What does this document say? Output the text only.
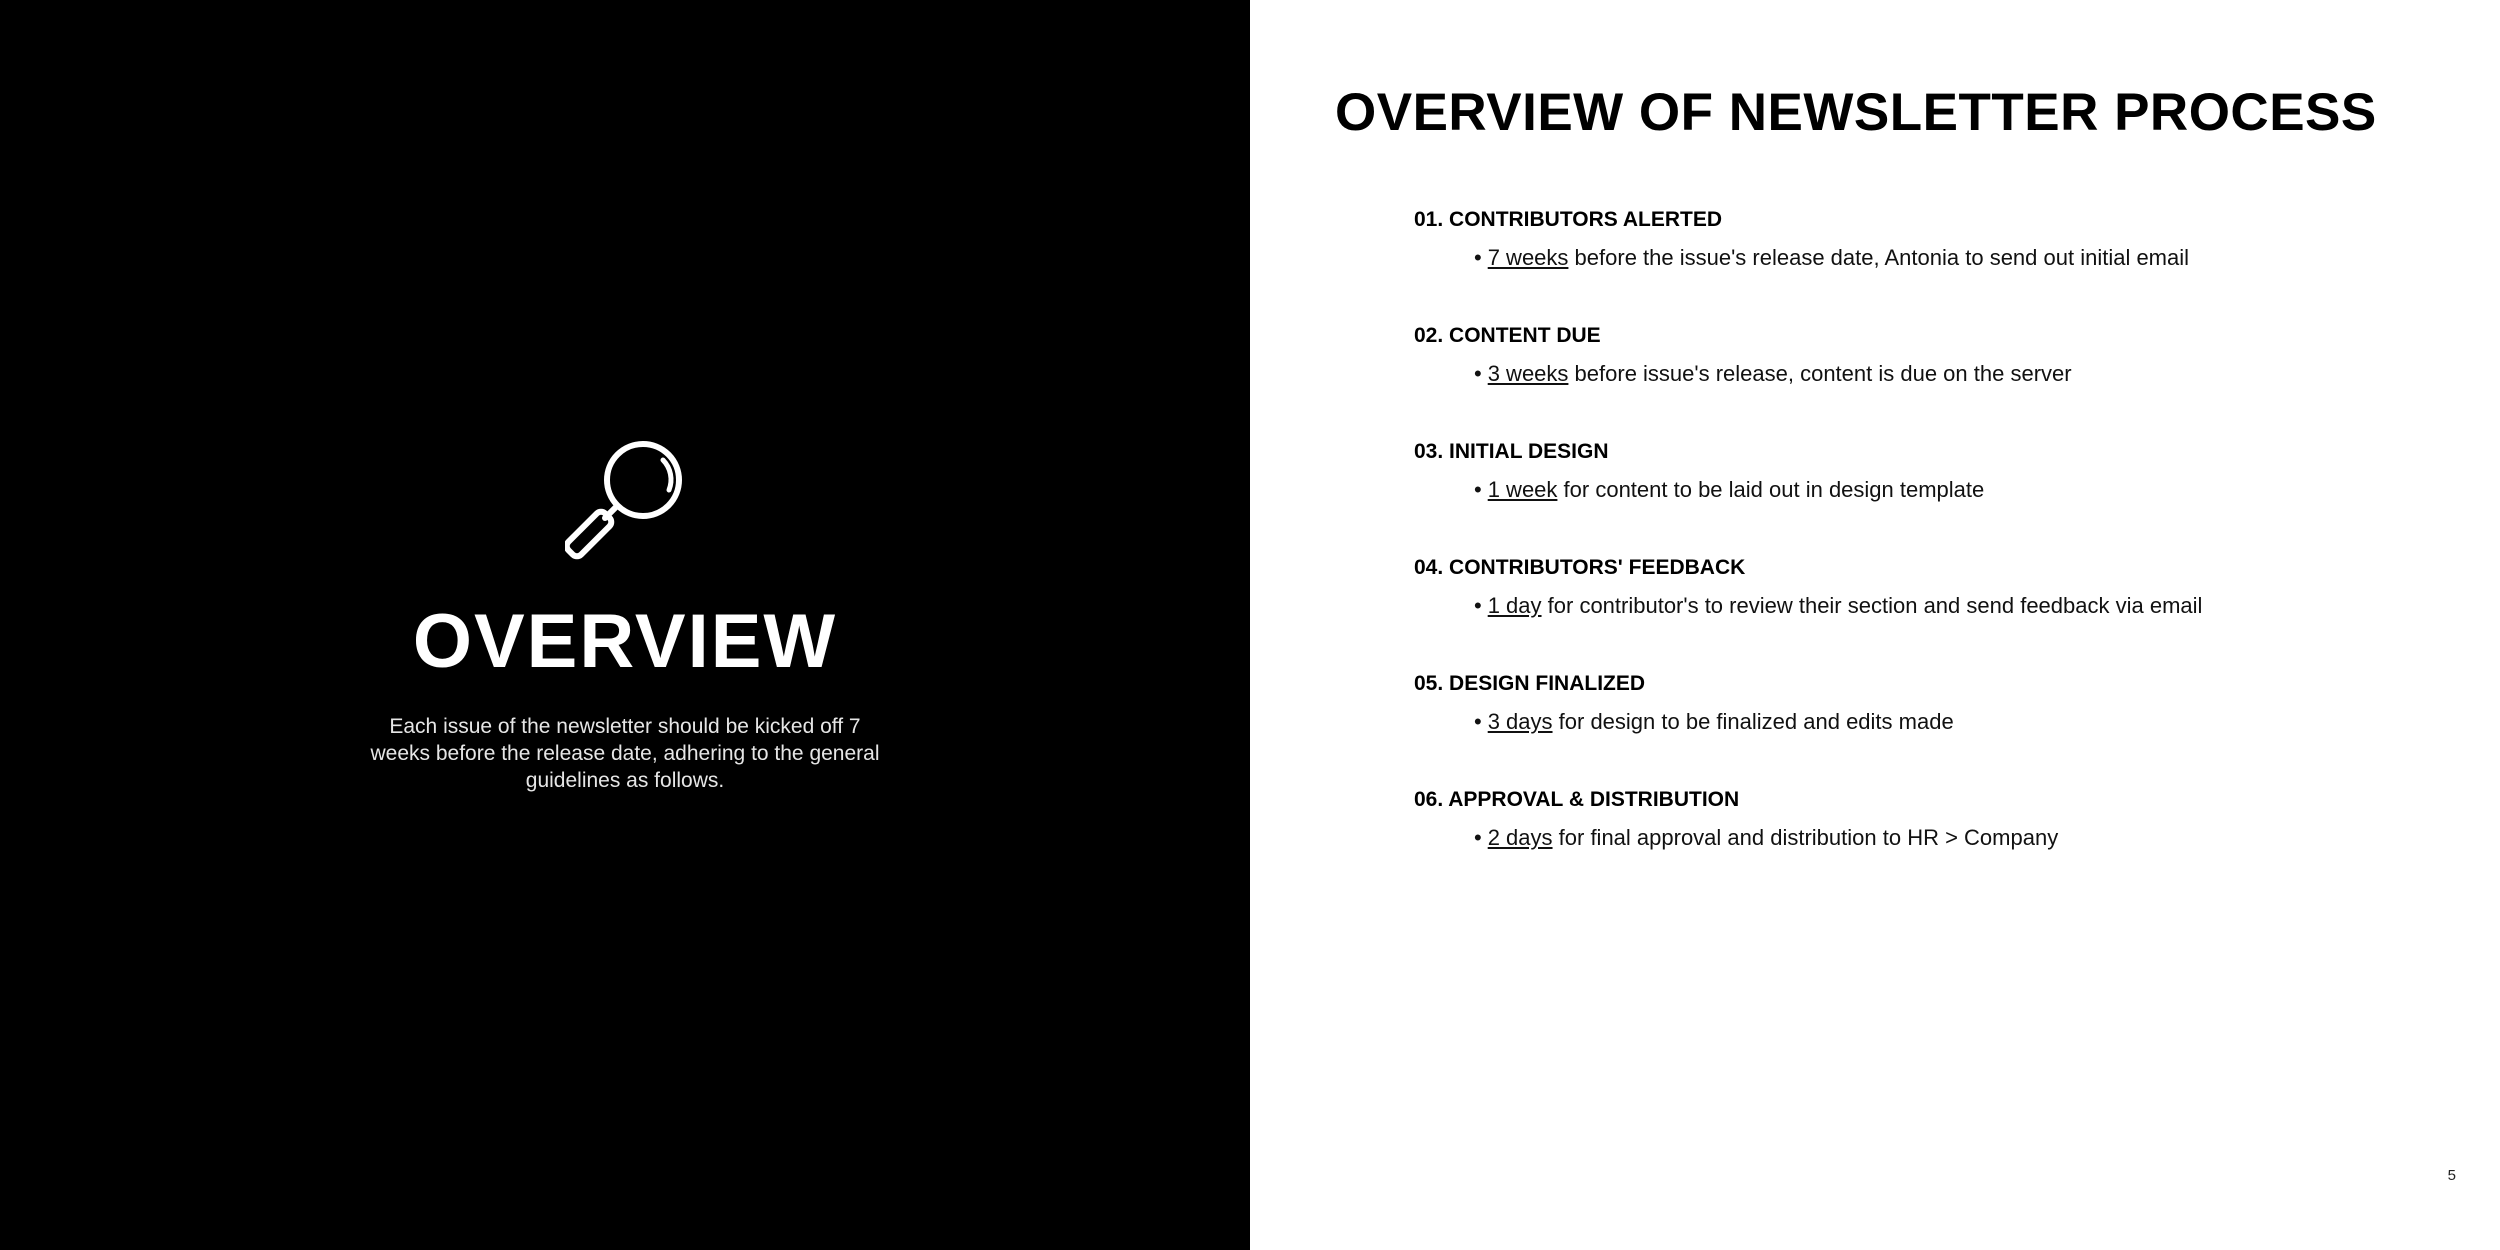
OVERVIEW

Each issue of the newsletter should be kicked off 7 weeks before the release date, adhering to the general guidelines as follows.

OVERVIEW OF NEWSLETTER PROCESS
01. CONTRIBUTORS ALERTED
• 7 weeks before the issue's release date, Antonia to send out initial email
02. CONTENT DUE
• 3 weeks before issue's release, content is due on the server
03. INITIAL DESIGN
• 1 week for content to be laid out in design template
04. CONTRIBUTORS' FEEDBACK
• 1 day for contributor's to review their section and send feedback via email
05. DESIGN FINALIZED
• 3 days for design to be finalized and edits made
06. APPROVAL & DISTRIBUTION
• 2 days for final approval and distribution to HR > Company
5
